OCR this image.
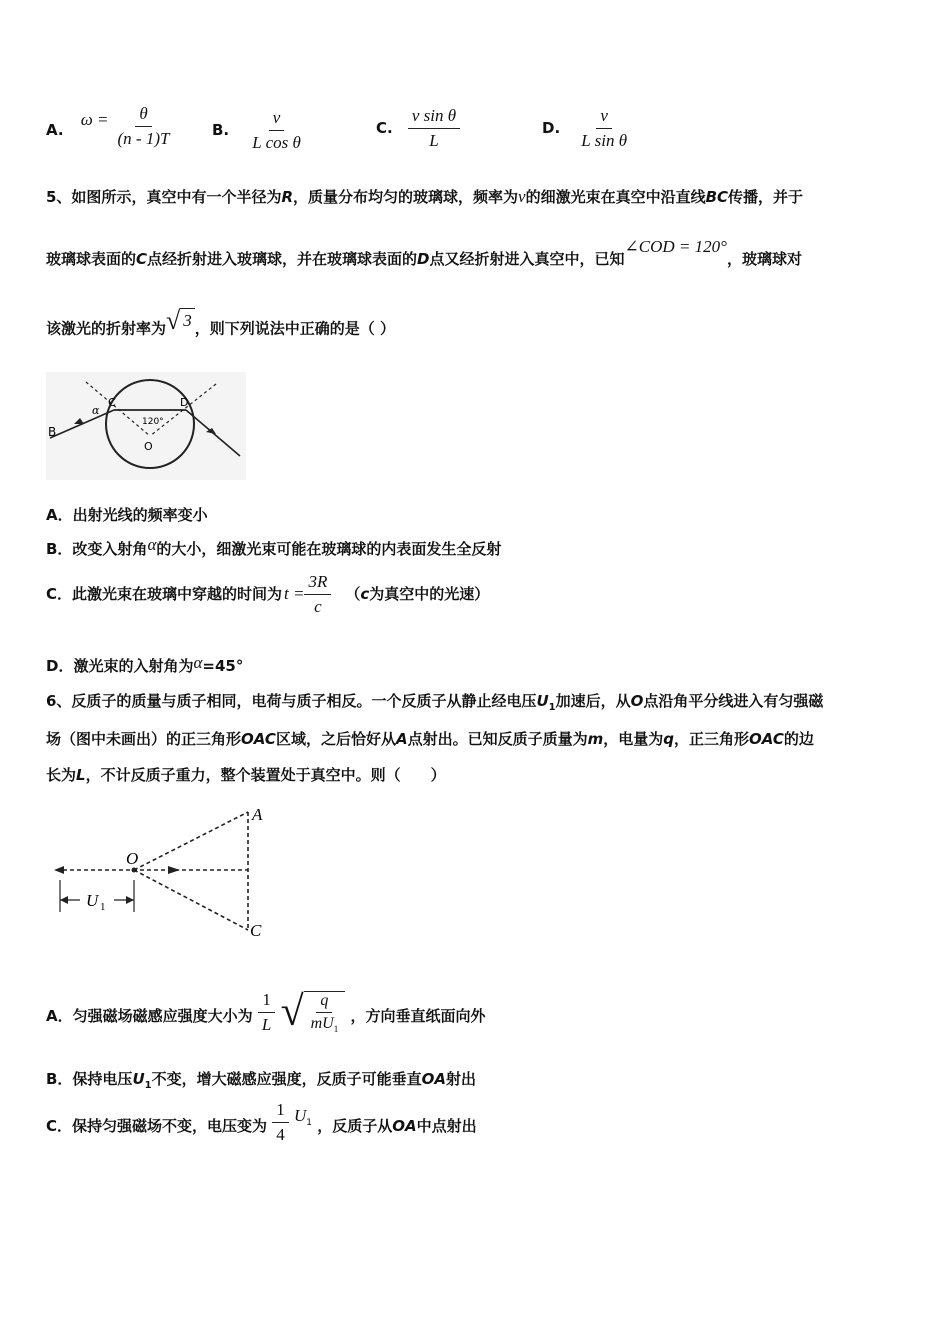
A. $\omega = \frac{\theta}{(n - 1)T}$	B. $\frac{v}{\text{L cos θ}}$	C. $\frac{\text{v sin θ}}{L}$	D. $\frac{v}{\text{L sin θ}}$
5、如图所示，真空中有一个半径为R，质量分布均匀的玻璃球，频率为ν的细激光束在真空中沿直线BC传播，并于
玻璃球表面的C点经折射进入玻璃球，并在玻璃球表面的D点又经折射进入真空中，已知∠COD = 120°，玻璃球对
该激光的折射率为 √ 3 ，则下列说法中正确的是（ ）
B
C	D
O
α
120°
A．出射光线的频率变小
B．改变入射角α的大小，细激光束可能在玻璃球的内表面发生全反射
C．此激光束在玻璃中穿越的时间为 $t = \frac{3R}{c} (c$为真空中的光速）
D．激光束的入射角为α=45°
6、反质子的质量与质子相同，电荷与质子相反。一个反质子从静止经电压$U_1$加速后，从O点沿角平分线进入有匀强磁
场（图中未画出）的正三角形OAC区域，之后恰好从A点射出。已知反质子质量为m，电量为q，正三角形OAC的边
长为L，不计反质子重力，整个装置处于真空中。则（　　）
O
A
C
U 1
A．匀强磁场磁感应强度大小为 $\frac{1}{L}$
√ $\frac{q}{mU_1}$ ，方向垂直纸面向外
B．保持电压$U_1$不变，增大磁感应强度，反质子可能垂直OA射出
C．保持匀强磁场不变，电压变为 $\frac{1}{4} U_1$ ，反质子从OA中点射出
